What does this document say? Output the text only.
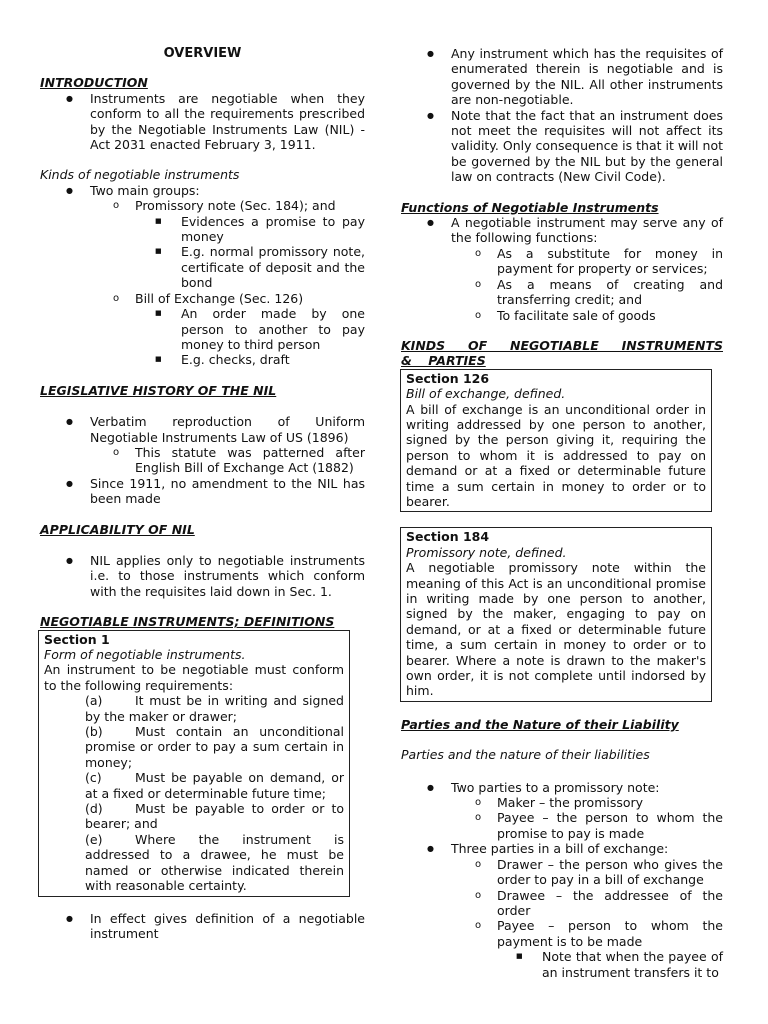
OVERVIEW

INTRODUCTION

● Instruments are negotiable when they conform to all the requirements prescribed by the Negotiable Instruments Law (NIL) - Act 2031 enacted February 3, 1911.

Kinds of negotiable instruments

● Two main groups:

o Promissory note (Sec. 184); and

■ Evidences a promise to pay money

■ E.g. normal promissory note, certificate of deposit and the bond

o Bill of Exchange (Sec. 126)

■ An order made by one person to another to pay money to third person

■ E.g. checks, draft

LEGISLATIVE HISTORY OF THE NIL

● Verbatim reproduction of Uniform Negotiable Instruments Law of US (1896)

o This statute was patterned after English Bill of Exchange Act (1882)

● Since 1911, no amendment to the NIL has been made

APPLICABILITY OF NIL

● NIL applies only to negotiable instruments i.e. to those instruments which conform with the requisites laid down in Sec. 1.

NEGOTIABLE INSTRUMENTS; DEFINITIONS

Section 1

Form of negotiable instruments.

An instrument to be negotiable must conform to the following requirements:

(a)	It must be in writing and signed by the maker or drawer;

(b)	Must contain an unconditional promise or order to pay a sum certain in money;

(c)	Must be payable on demand, or at a fixed or determinable future time;

(d)	Must be payable to order or to bearer; and

(e)	Where the instrument is addressed to a drawee, he must be named or otherwise indicated therein with reasonable certainty.

● In effect gives definition of a negotiable instrument

● Any instrument which has the requisites of enumerated therein is negotiable and is governed by the NIL. All other instruments are non-negotiable.

● Note that the fact that an instrument does not meet the requisites will not affect its validity. Only consequence is that it will not be governed by the NIL but by the general law on contracts (New Civil Code).

Functions of Negotiable Instruments

● A negotiable instrument may serve any of the following functions:

o As a substitute for money in payment for property or services;

o As a means of creating and transferring credit; and

o To facilitate sale of goods

KINDS OF NEGOTIABLE INSTRUMENTS & PARTIES

Section 126

Bill of exchange, defined.

A bill of exchange is an unconditional order in writing addressed by one person to another, signed by the person giving it, requiring the person to whom it is addressed to pay on demand or at a fixed or determinable future time a sum certain in money to order or to bearer.

Section 184

Promissory note, defined.

A negotiable promissory note within the meaning of this Act is an unconditional promise in writing made by one person to another, signed by the maker, engaging to pay on demand, or at a fixed or determinable future time, a sum certain in money to order or to bearer. Where a note is drawn to the maker's own order, it is not complete until indorsed by him.

Parties and the Nature of their Liability

Parties and the nature of their liabilities

● Two parties to a promissory note:

o Maker – the promissory

o Payee – the person to whom the promise to pay is made

● Three parties in a bill of exchange:

o Drawer – the person who gives the order to pay in a bill of exchange

o Drawee – the addressee of the order

o Payee – person to whom the payment is to be made

■ Note that when the payee of an instrument transfers it to
